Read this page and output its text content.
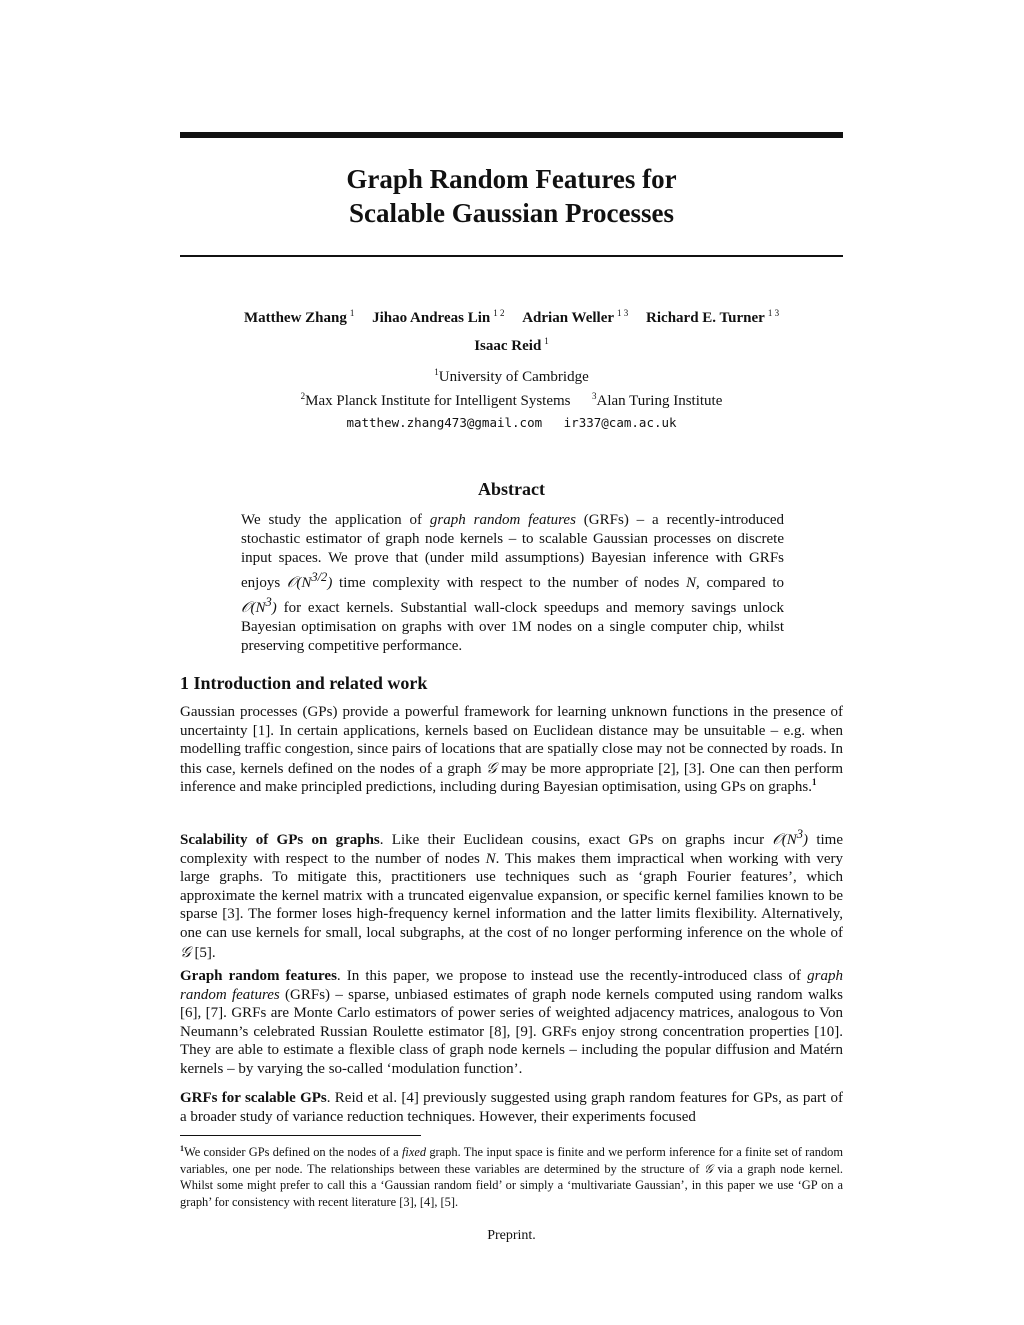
Graph Random Features for
Scalable Gaussian Processes
Matthew Zhang $^1$ Jihao Andreas Lin $^{1 2}$ Adrian Weller $^{1 3}$ Richard E. Turner $^{1 3}$
Isaac Reid $^1$
$^1$University of Cambridge
$^2$Max Planck Institute for Intelligent Systems $^3$Alan Turing Institute
matthew.zhang473@gmail.com ir337@cam.ac.uk
Abstract
We study the application of graph random features (GRFs) – a recently-introduced stochastic estimator of graph node kernels – to scalable Gaussian processes on discrete input spaces. We prove that (under mild assumptions) Bayesian inference with GRFs enjoys $𝒪(N^{3/2})$ time complexity with respect to the number of nodes N, compared to $𝒪(N^3)$ for exact kernels. Substantial wall-clock speedups and memory savings unlock Bayesian optimisation on graphs with over 1M nodes on a single computer chip, whilst preserving competitive performance.
1 Introduction and related work
Gaussian processes (GPs) provide a powerful framework for learning unknown functions in the presence of uncertainty [1]. In certain applications, kernels based on Euclidean distance may be unsuitable – e.g. when modelling traffic congestion, since pairs of locations that are spatially close may not be connected by roads. In this case, kernels defined on the nodes of a graph 𝒢 may be more appropriate [2], [3]. One can then perform inference and make principled predictions, including during Bayesian optimisation, using GPs on graphs.$^1$
Scalability of GPs on graphs. Like their Euclidean cousins, exact GPs on graphs incur $𝒪(N^3)$ time complexity with respect to the number of nodes N. This makes them impractical when working with very large graphs. To mitigate this, practitioners use techniques such as ‘graph Fourier features’, which approximate the kernel matrix with a truncated eigenvalue expansion, or specific kernel families known to be sparse [3]. The former loses high-frequency kernel information and the latter limits flexibility. Alternatively, one can use kernels for small, local subgraphs, at the cost of no longer performing inference on the whole of 𝒢 [5].
Graph random features. In this paper, we propose to instead use the recently-introduced class of graph random features (GRFs) – sparse, unbiased estimates of graph node kernels computed using random walks [6], [7]. GRFs are Monte Carlo estimators of power series of weighted adjacency matrices, analogous to Von Neumann’s celebrated Russian Roulette estimator [8], [9]. GRFs enjoy strong concentration properties [10]. They are able to estimate a flexible class of graph node kernels – including the popular diffusion and Matérn kernels – by varying the so-called ‘modulation function’.
GRFs for scalable GPs. Reid et al. [4] previously suggested using graph random features for GPs, as part of a broader study of variance reduction techniques. However, their experiments focused
$^1$We consider GPs defined on the nodes of a fixed graph. The input space is finite and we perform inference for a finite set of random variables, one per node. The relationships between these variables are determined by the structure of 𝒢 via a graph node kernel. Whilst some might prefer to call this a ‘Gaussian random field’ or simply a ‘multivariate Gaussian’, in this paper we use ‘GP on a graph’ for consistency with recent literature [3], [4], [5].
Preprint.
